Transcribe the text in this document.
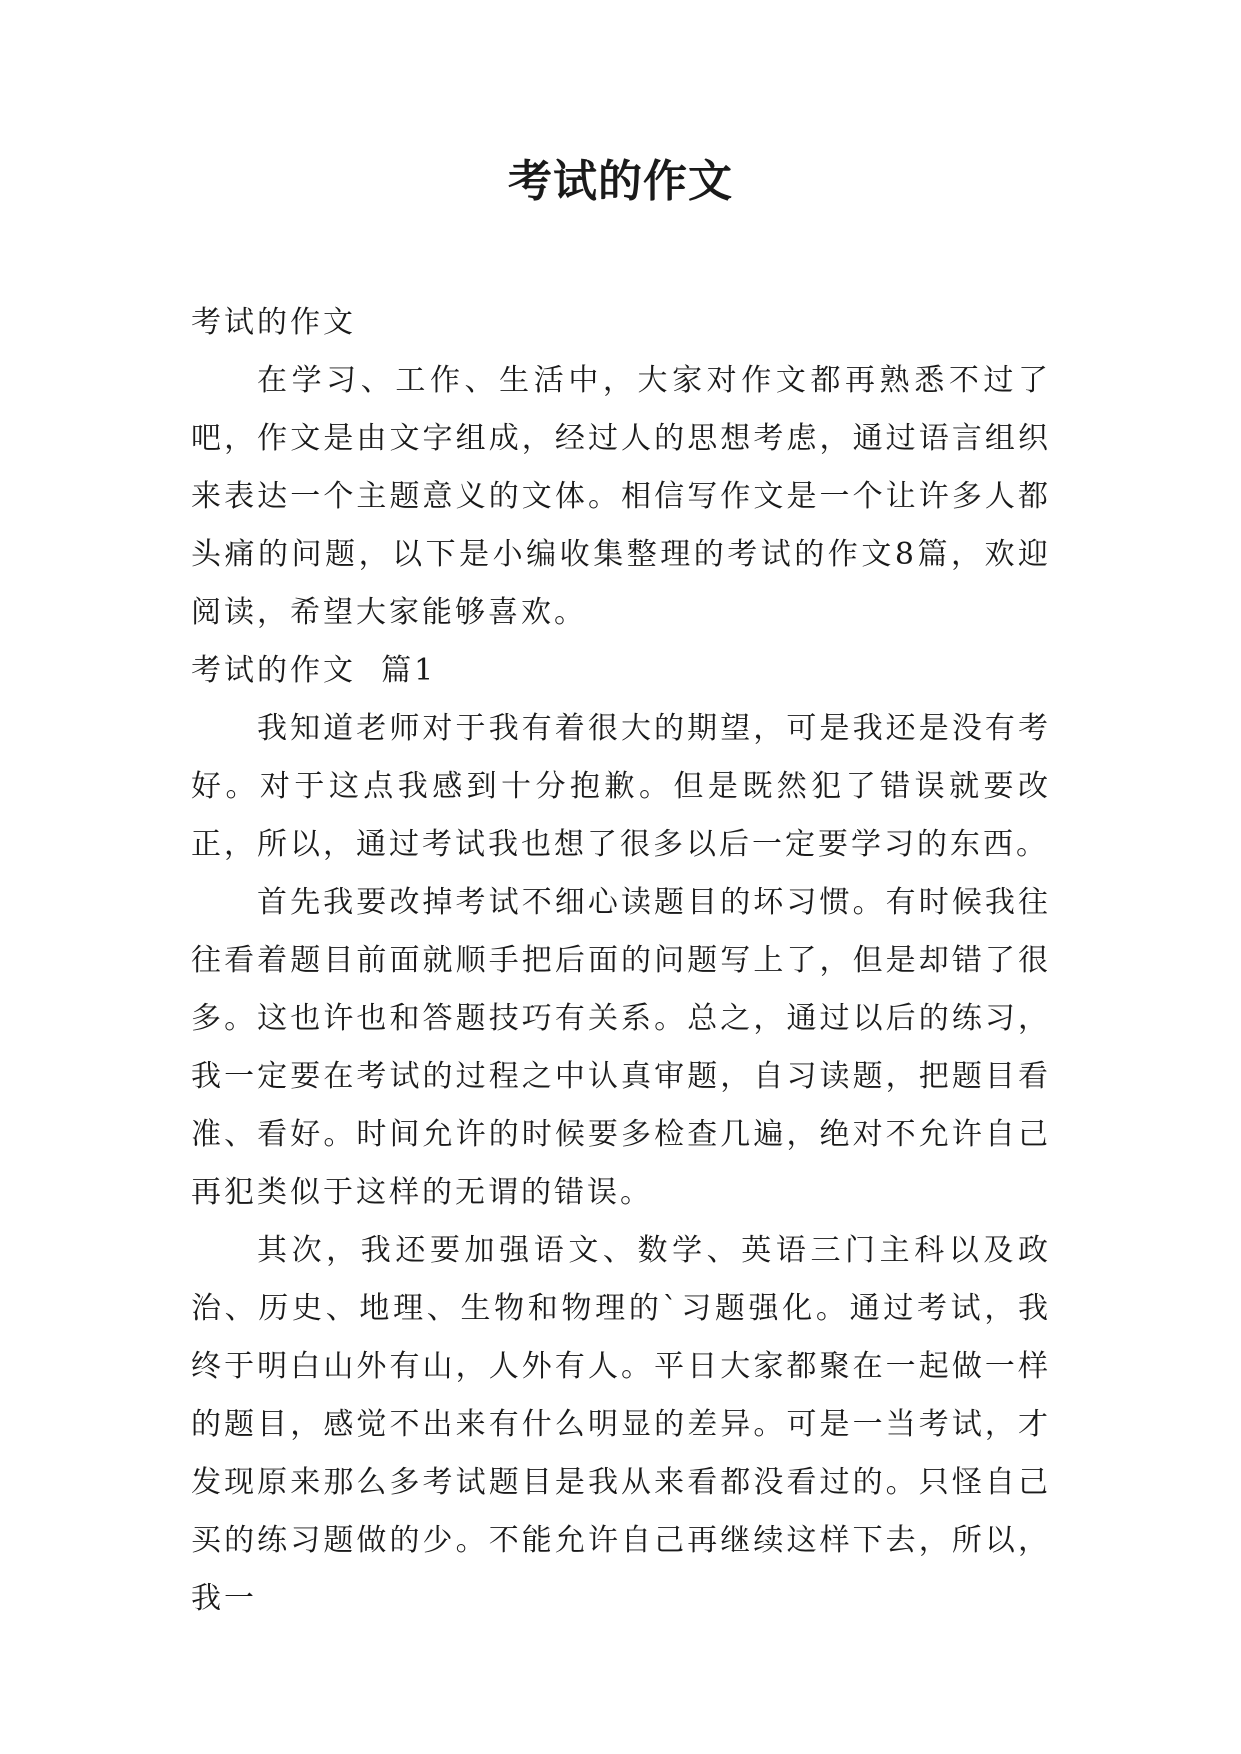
考试的作文

考试的作文

在学习、工作、生活中，大家对作文都再熟悉不过了吧，作文是由文字组成，经过人的思想考虑，通过语言组织来表达一个主题意义的文体。相信写作文是一个让许多人都头痛的问题，以下是小编收集整理的考试的作文8篇，欢迎阅读，希望大家能够喜欢。

考试的作文  篇1

我知道老师对于我有着很大的期望，可是我还是没有考好。对于这点我感到十分抱歉。但是既然犯了错误就要改正，所以，通过考试我也想了很多以后一定要学习的东西。

首先我要改掉考试不细心读题目的坏习惯。有时候我往往看着题目前面就顺手把后面的问题写上了，但是却错了很多。这也许也和答题技巧有关系。总之，通过以后的练习，我一定要在考试的过程之中认真审题，自习读题，把题目看准、看好。时间允许的时候要多检查几遍，绝对不允许自己再犯类似于这样的无谓的错误。

其次，我还要加强语文、数学、英语三门主科以及政治、历史、地理、生物和物理的`习题强化。通过考试，我终于明白山外有山，人外有人。平日大家都聚在一起做一样的题目，感觉不出来有什么明显的差异。可是一当考试，才发现原来那么多考试题目是我从来看都没看过的。只怪自己买的练习题做的少。不能允许自己再继续这样下去，所以，我一
